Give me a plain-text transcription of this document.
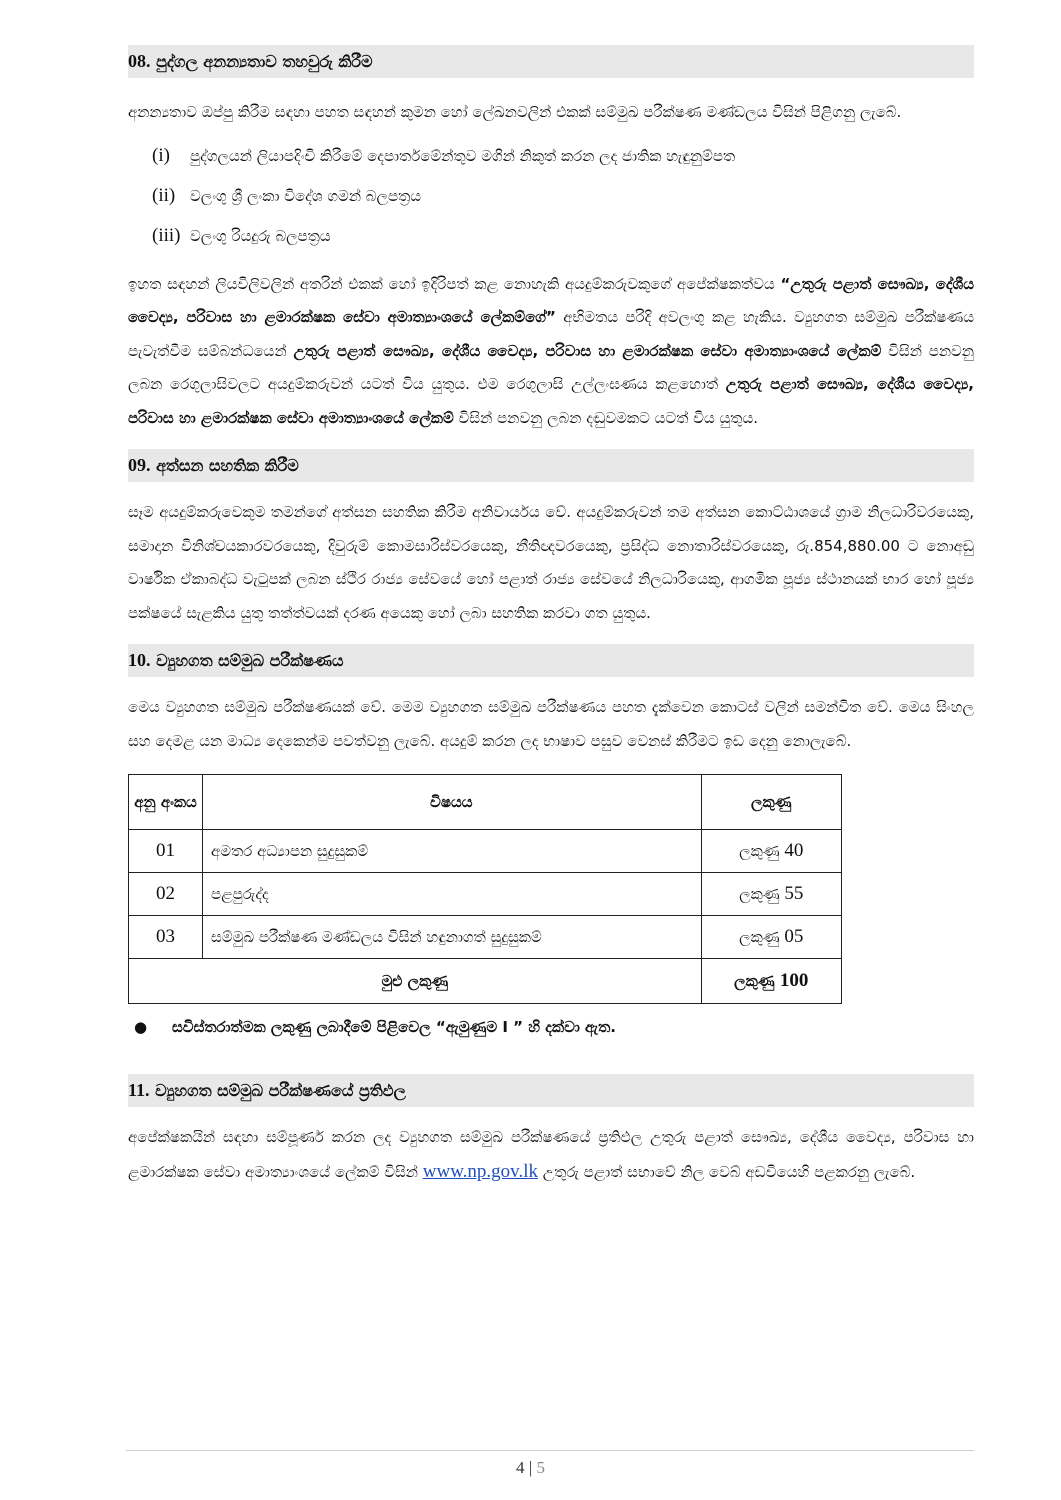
08. පුද්ගල අනන්‍යතාව තහවුරු කිරීම

අනන්‍යතාව ඔප්පු කිරීම සඳහා පහත සඳහන් කුමන හෝ ලේඛනවලින් එකක් සම්මුඛ පරීක්ෂණ මණ්ඩලය විසින් පිළිගනු ලැබේ.

(i)	පුද්ගලයන් ලියාපදිංචි කිරීමේ දෙපාර්තමේන්තුව මගින් නිකුත් කරන ලද ජාතික හැඳුනුම්පත
(ii) වලංගු ශ්‍රී ලංකා විදේශ ගමන් බලපත්‍රය
(iii) වලංගු රියදුරු බලපත්‍රය

ඉහත සඳහන් ලියවිලිවලින් අතරින් එකක් හෝ ඉදිරිපත් කළ නොහැකි අයදුම්කරුවකුගේ අපේක්ෂකත්වය “උතුරු පළාත් සෞඛ්‍ය, දේශීය වෛද්‍ය, පරිවාස හා ළමාරක්ෂක සේවා අමාත්‍යාංශයේ ලේකම්ගේ” අභිමතය පරිදි අවලංගු කළ හැකිය. ව්‍යුහගත සම්මුඛ පරීක්ෂණය පැවැත්වීම සම්බන්ධයෙන් උතුරු පළාත් සෞඛ්‍ය, දේශීය වෛද්‍ය, පරිවාස හා ළමාරක්ෂක සේවා අමාත්‍යාංශයේ ලේකම් විසින් පනවනු ලබන රෙගුලාසිවලට අයදුම්කරුවන් යටත් විය යුතුය. එම රෙගුලාසි උල්ලංඝණය කළහොත් උතුරු පළාත් සෞඛ්‍ය, දේශීය වෛද්‍ය, පරිවාස හා ළමාරක්ෂක සේවා අමාත්‍යාංශයේ ලේකම් විසින් පනවනු ලබන දඬුවමකට යටත් විය යුතුය.

09. අත්සන සහතික කිරීම

සෑම අයදුම්කරුවෙකුම තමන්ගේ අත්සන සහතික කිරීම අනිවාර්යය වේ. අයදුම්කරුවන් තම අත්සන කොට්ඨාශයේ ග්‍රාම නිලධාරිවරයෙකු, සමාදාන විනිශ්චයකාරවරයෙකු, දිවුරුම් කොමසාරිස්වරයෙකු, නීතිඥවරයෙකු, ප්‍රසිද්ධ නොතාරිස්වරයෙකු, රු.854,880.00 ට නොඅඩු වාර්ෂික ඒකාබද්ධ වැටුපක් ලබන ස්ථිර රාජ්‍ය සේවයේ හෝ පළාත් රාජ්‍ය සේවයේ නිලධාරියෙකු, ආගමික පූජ්‍ය ස්ථානයක් භාර හෝ පූජ්‍ය පක්ෂයේ සැළකිය යුතු තත්ත්වයක් දරණ අයෙකු හෝ ලබා සහතික කරවා ගත යුතුය.

10. ව්‍යුහගත සම්මුඛ පරීක්ෂණය

මෙය ව්‍යුහගත සම්මුඛ පරීක්ෂණයක් වේ. මෙම ව්‍යුහගත සම්මුඛ පරීක්ෂණය පහත දැක්වෙන කොටස් වලින් සමන්විත වේ. මෙය සිංහල සහ දෙමළ යන මාධ්‍ය දෙකෙන්ම පවත්වනු ලැබේ. අයදුම් කරන ලද භාෂාව පසුව වෙනස් කිරීමට ඉඩ දෙනු නොලැබේ.

අනු අංකය	විෂයය	ලකුණු
01	අමතර අධ්‍යාපන සුදුසුකම්	ලකුණු 40
02	පළපුරුද්ද	ලකුණු 55
03	සම්මුඛ පරීක්ෂණ මණ්ඩලය විසින් හඳුනාගත් සුදුසුකම්	ලකුණු 05
මුළු ලකුණු		ලකුණු 100
●	සවිස්තරාත්මක ලකුණු ලබාදීමේ පිළිවෙල “ඇමුණුම I ” හි දක්වා ඇත.
11. ව්‍යුහගත සම්මුඛ පරීක්ෂණයේ ප්‍රතිඵල

අපේක්ෂකයින් සඳහා සම්පූර්ණ කරන ලද ව්‍යුහගත සම්මුඛ පරීක්ෂණයේ ප්‍රතිඵල උතුරු පළාත් සෞඛ්‍ය, දේශීය වෛද්‍ය, පරිවාස හා ළමාරක්ෂක සේවා අමාත්‍යාංශයේ ලේකම් විසින් www.np.gov.lk උතුරු පළාත් සභාවේ නිල වෙබ් අඩවියෙහි පළකරනු ලැබේ.

4 | 5
